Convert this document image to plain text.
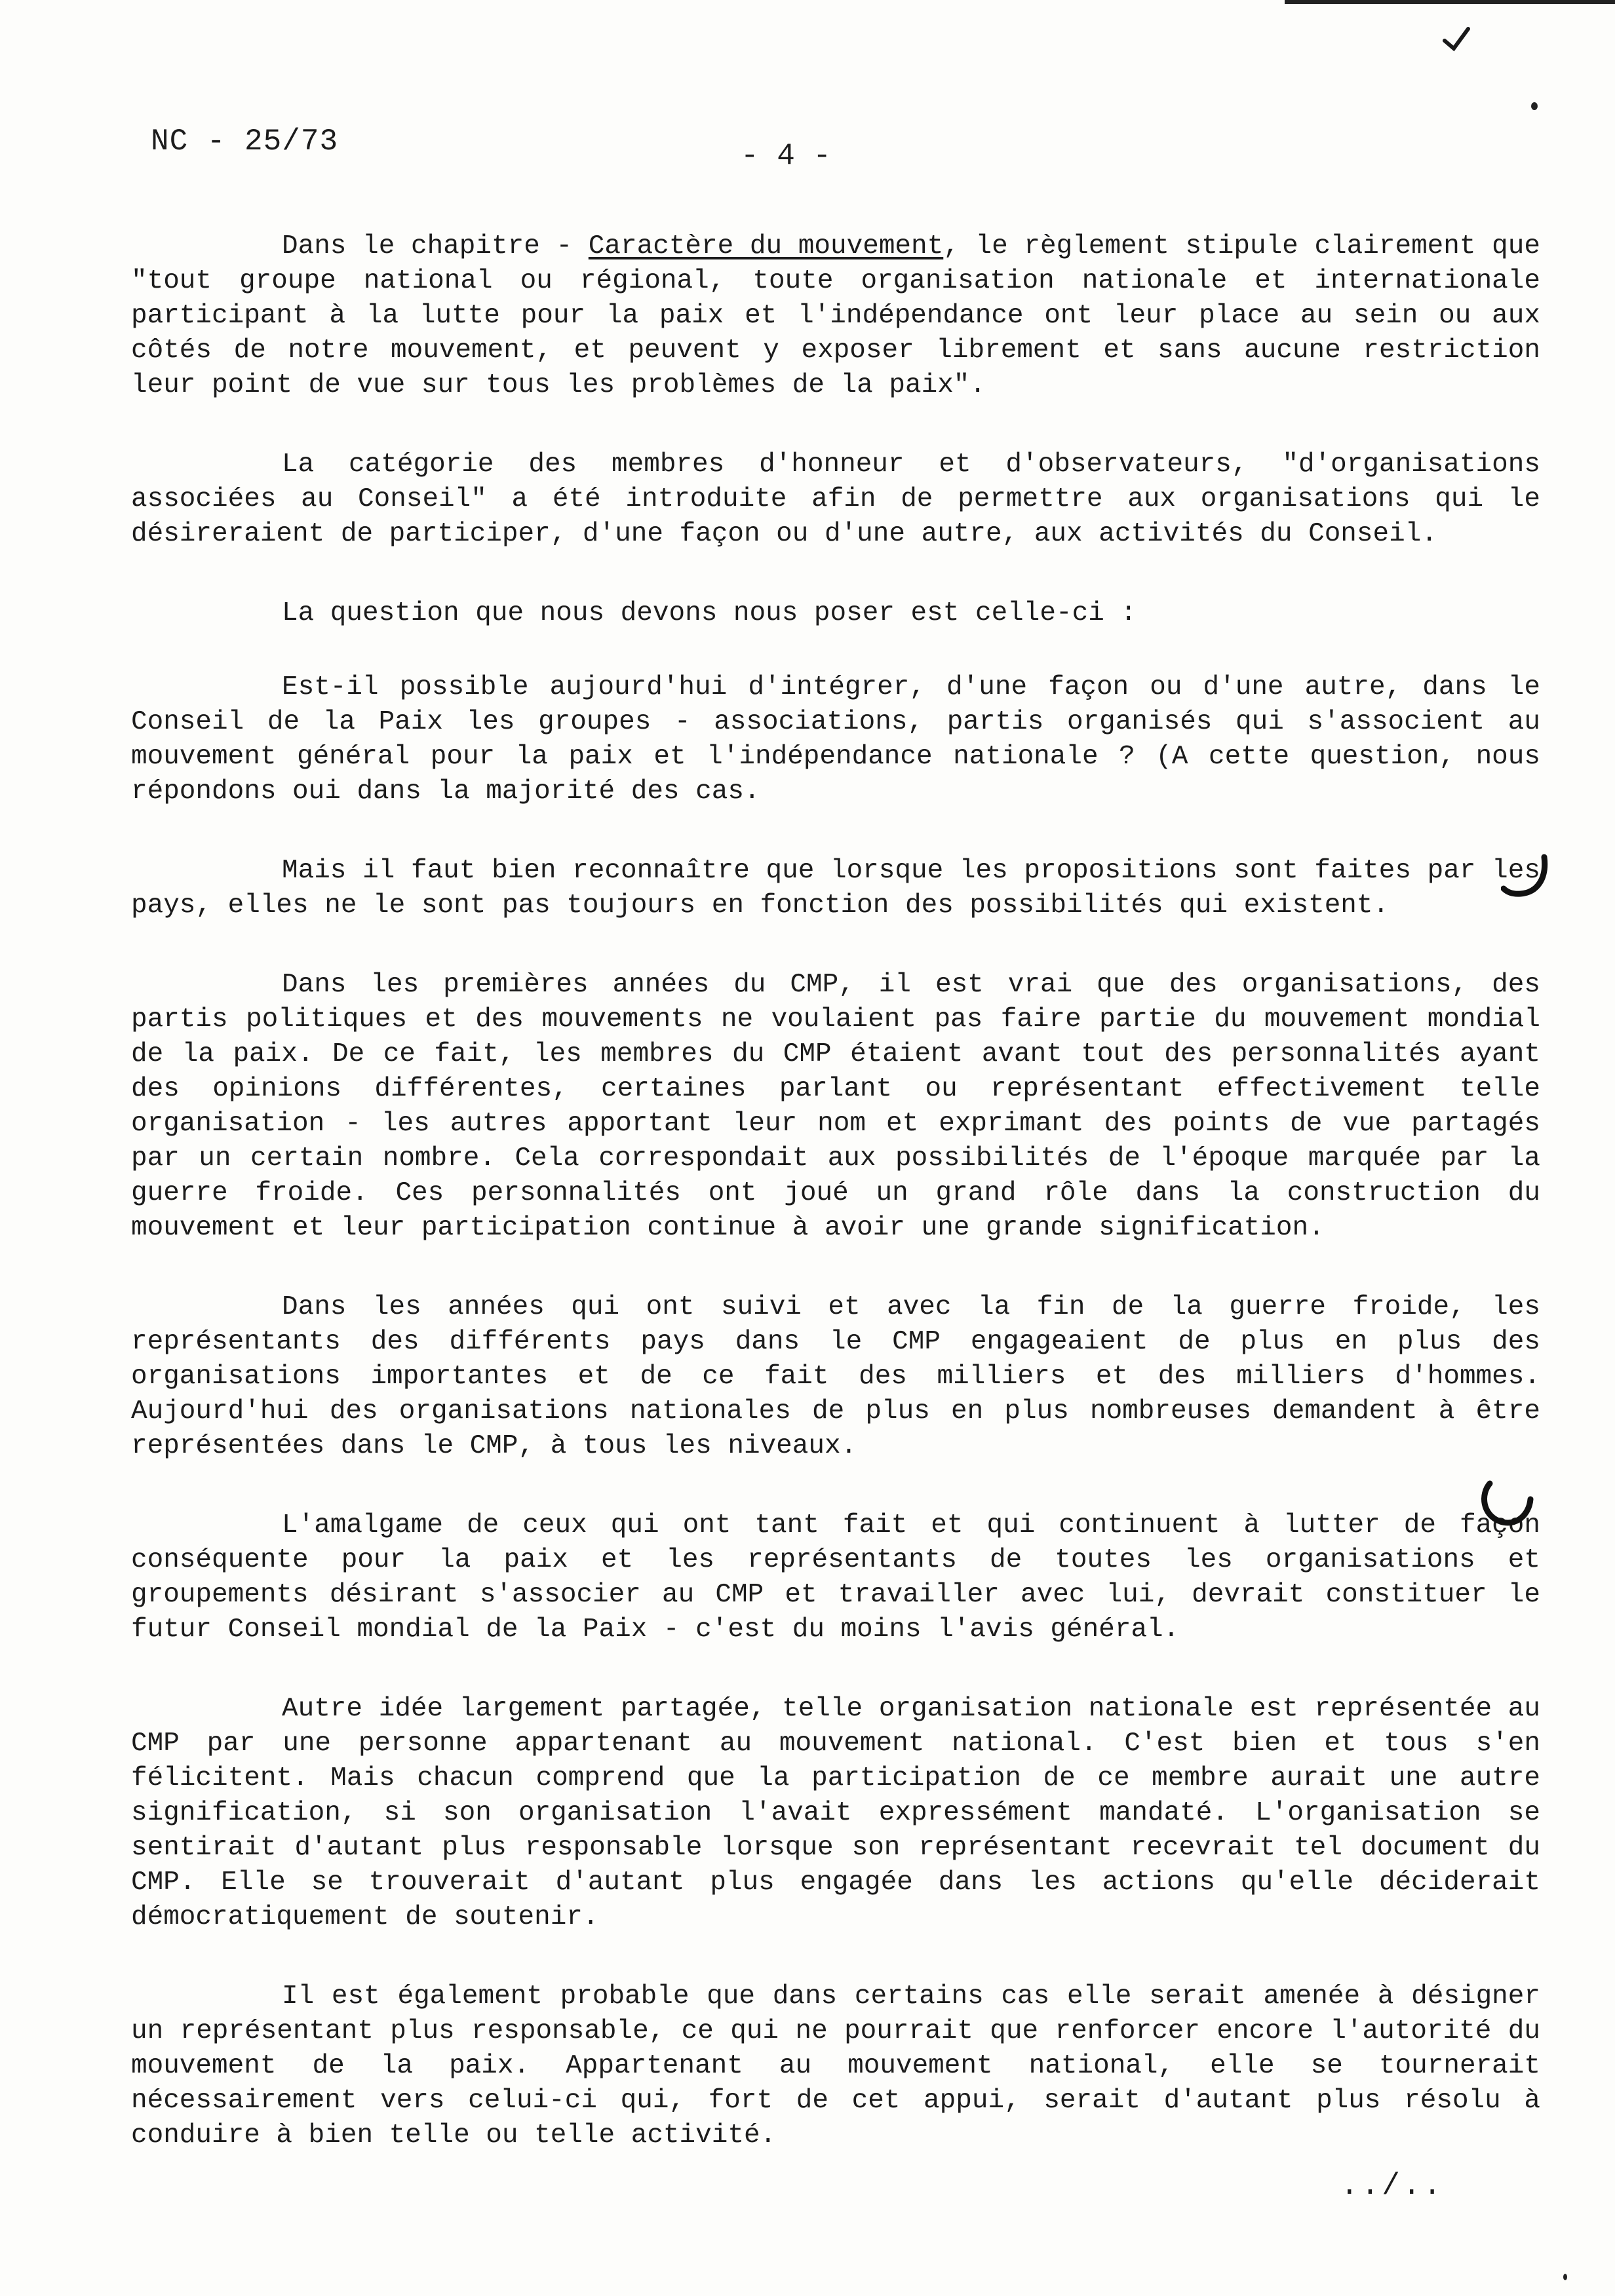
NC - 25/73	- 4 -

Dans le chapitre - Caractère du mouvement, le règlement stipule clairement que "tout groupe national ou régional, toute organisation nationale et internationale participant à la lutte pour la paix et l'indépendance ont leur place au sein ou aux côtés de notre mouvement, et peuvent y exposer librement et sans aucune restriction leur point de vue sur tous les problèmes de la paix".

La catégorie des membres d'honneur et d'observateurs, "d'organisations associées au Conseil" a été introduite afin de permettre aux organisations qui le désireraient de participer, d'une façon ou d'une autre, aux activités du Conseil.

La question que nous devons nous poser est celle-ci :

Est-il possible aujourd'hui d'intégrer, d'une façon ou d'une autre, dans le Conseil de la Paix les groupes - associations, partis organisés qui s'associent au mouvement général pour la paix et l'indépendance nationale ? (A cette question, nous répondons oui dans la majorité des cas.

Mais il faut bien reconnaître que lorsque les propositions sont faites par les pays, elles ne le sont pas toujours en fonction des possibilités qui existent.

Dans les premières années du CMP, il est vrai que des organisations, des partis politiques et des mouvements ne voulaient pas faire partie du mouvement mondial de la paix. De ce fait, les membres du CMP étaient avant tout des personnalités ayant des opinions différentes, certaines parlant ou représentant effectivement telle organisation - les autres apportant leur nom et exprimant des points de vue partagés par un certain nombre. Cela correspondait aux possibilités de l'époque marquée par la guerre froide. Ces personnalités ont joué un grand rôle dans la construction du mouvement et leur participation continue à avoir une grande signification.

Dans les années qui ont suivi et avec la fin de la guerre froide, les représentants des différents pays dans le CMP engageaient de plus en plus des organisations importantes et de ce fait des milliers et des milliers d'hommes. Aujourd'hui des organisations nationales de plus en plus nombreuses demandent à être représentées dans le CMP, à tous les niveaux.

L'amalgame de ceux qui ont tant fait et qui continuent à lutter de façon conséquente pour la paix et les représentants de toutes les organisations et groupements désirant s'associer au CMP et travailler avec lui, devrait constituer le futur Conseil mondial de la Paix - c'est du moins l'avis général.

Autre idée largement partagée, telle organisation nationale est représentée au CMP par une personne appartenant au mouvement national. C'est bien et tous s'en félicitent. Mais chacun comprend que la participation de ce membre aurait une autre signification, si son organisation l'avait expressément mandaté. L'organisation se sentirait d'autant plus responsable lorsque son représentant recevrait tel document du CMP. Elle se trouverait d'autant plus engagée dans les actions qu'elle déciderait démocratiquement de soutenir.

Il est également probable que dans certains cas elle serait amenée à désigner un représentant plus responsable, ce qui ne pourrait que renforcer encore l'autorité du mouvement de la paix. Appartenant au mouvement national, elle se tournerait nécessairement vers celui-ci qui, fort de cet appui, serait d'autant plus résolu à conduire à bien telle ou telle activité.

../..
